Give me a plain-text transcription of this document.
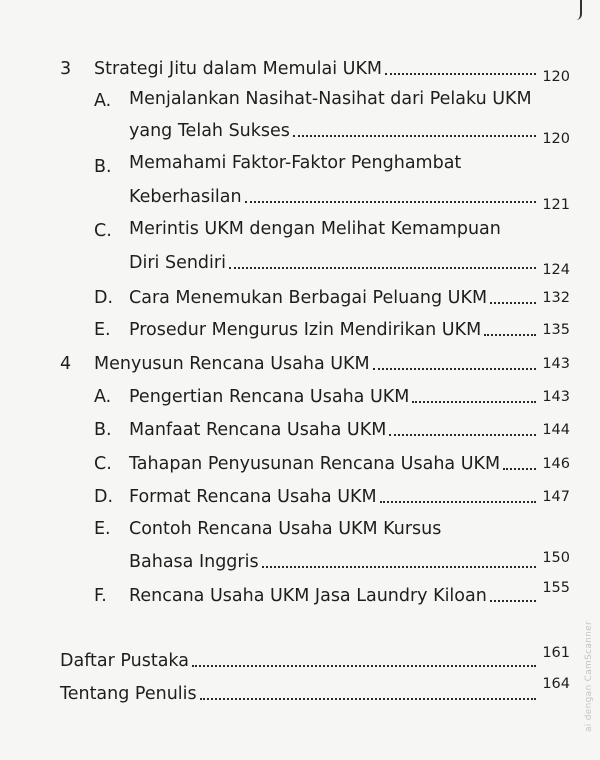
3 Strategi Jitu dalam Memulai UKM	120
A. Menjalankan Nasihat-Nasihat dari Pelaku UKM
yang Telah Sukses	120
B. Memahami Faktor-Faktor Penghambat
Keberhasilan	121
C. Merintis UKM dengan Melihat Kemampuan
Diri Sendiri	124
D. Cara Menemukan Berbagai Peluang UKM	132
E. Prosedur Mengurus Izin Mendirikan UKM	135
4 Menyusun Rencana Usaha UKM	143
A. Pengertian Rencana Usaha UKM	143
B. Manfaat Rencana Usaha UKM	144
C. Tahapan Penyusunan Rencana Usaha UKM	146
D. Format Rencana Usaha UKM	147
E. Contoh Rencana Usaha UKM Kursus
Bahasa Inggris	150
F. Rencana Usaha UKM Jasa Laundry Kiloan	155
Daftar Pustaka	161
Tentang Penulis	164 ai dengan CamScanner
